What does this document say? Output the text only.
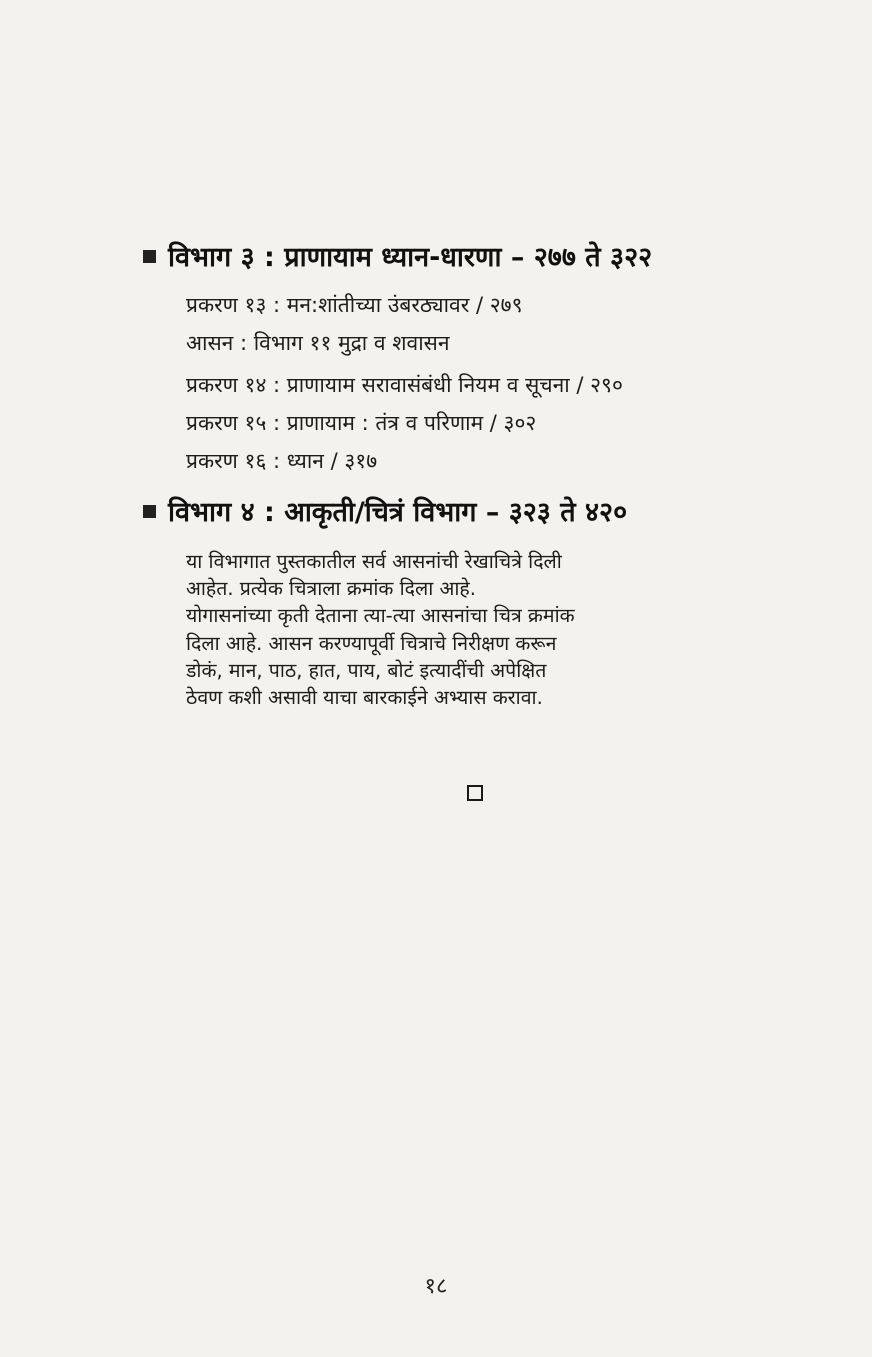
विभाग ३ : प्राणायाम ध्यान-धारणा – २७७ ते ३२२
प्रकरण १३ : मन:शांतीच्या उंबरठ्यावर / २७९
आसन : विभाग ११ मुद्रा व शवासन
प्रकरण १४ : प्राणायाम सरावासंबंधी नियम व सूचना / २९०
प्रकरण १५ : प्राणायाम : तंत्र व परिणाम / ३०२
प्रकरण १६ : ध्यान / ३१७
विभाग ४ : आकृती/चित्रं विभाग – ३२३ ते ४२०
या विभागात पुस्तकातील सर्व आसनांची रेखाचित्रे दिली
आहेत. प्रत्येक चित्राला क्रमांक दिला आहे.
योगासनांच्या कृती देताना त्या-त्या आसनांचा चित्र क्रमांक
दिला आहे. आसन करण्यापूर्वी चित्राचे निरीक्षण करून
डोकं, मान, पाठ, हात, पाय, बोटं इत्यादींची अपेक्षित
ठेवण कशी असावी याचा बारकाईने अभ्यास करावा.
१८
